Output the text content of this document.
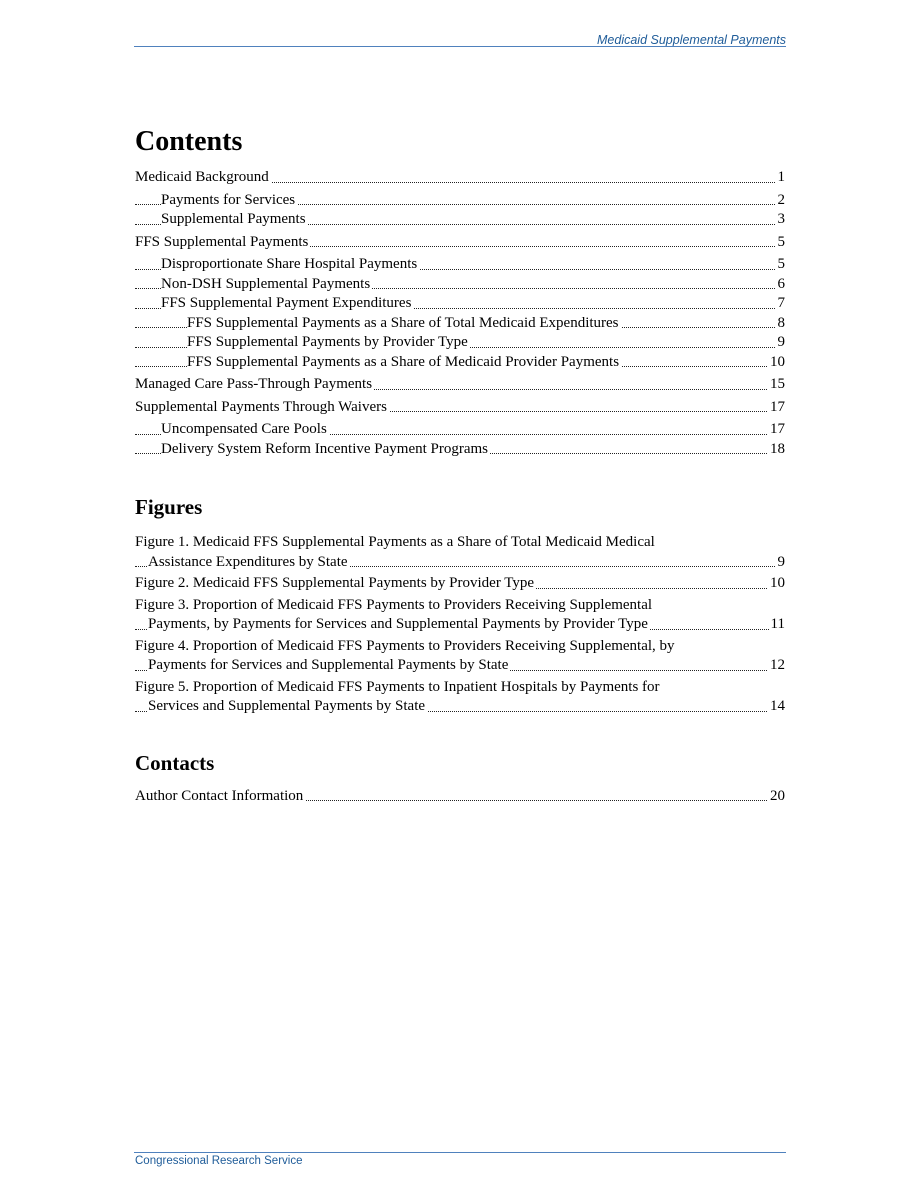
Medicaid Supplemental Payments
Contents
Medicaid Background	1
Payments for Services	2
Supplemental Payments	3
FFS Supplemental Payments	5
Disproportionate Share Hospital Payments	5
Non-DSH Supplemental Payments	6
FFS Supplemental Payment Expenditures	7
FFS Supplemental Payments as a Share of Total Medicaid Expenditures	8
FFS Supplemental Payments by Provider Type	9
FFS Supplemental Payments as a Share of Medicaid Provider Payments	10
Managed Care Pass-Through Payments	15
Supplemental Payments Through Waivers	17
Uncompensated Care Pools	17
Delivery System Reform Incentive Payment Programs	18
Figures
Figure 1. Medicaid FFS Supplemental Payments as a Share of Total Medicaid Medical
Assistance Expenditures by State	9
Figure 2. Medicaid FFS Supplemental Payments by Provider Type	10
Figure 3. Proportion of Medicaid FFS Payments to Providers Receiving Supplemental
Payments, by Payments for Services and Supplemental Payments by Provider Type	11
Figure 4. Proportion of Medicaid FFS Payments to Providers Receiving Supplemental, by
Payments for Services and Supplemental Payments by State	12
Figure 5. Proportion of Medicaid FFS Payments to Inpatient Hospitals by Payments for
Services and Supplemental Payments by State	14
Contacts
Author Contact Information	20
Congressional Research Service
